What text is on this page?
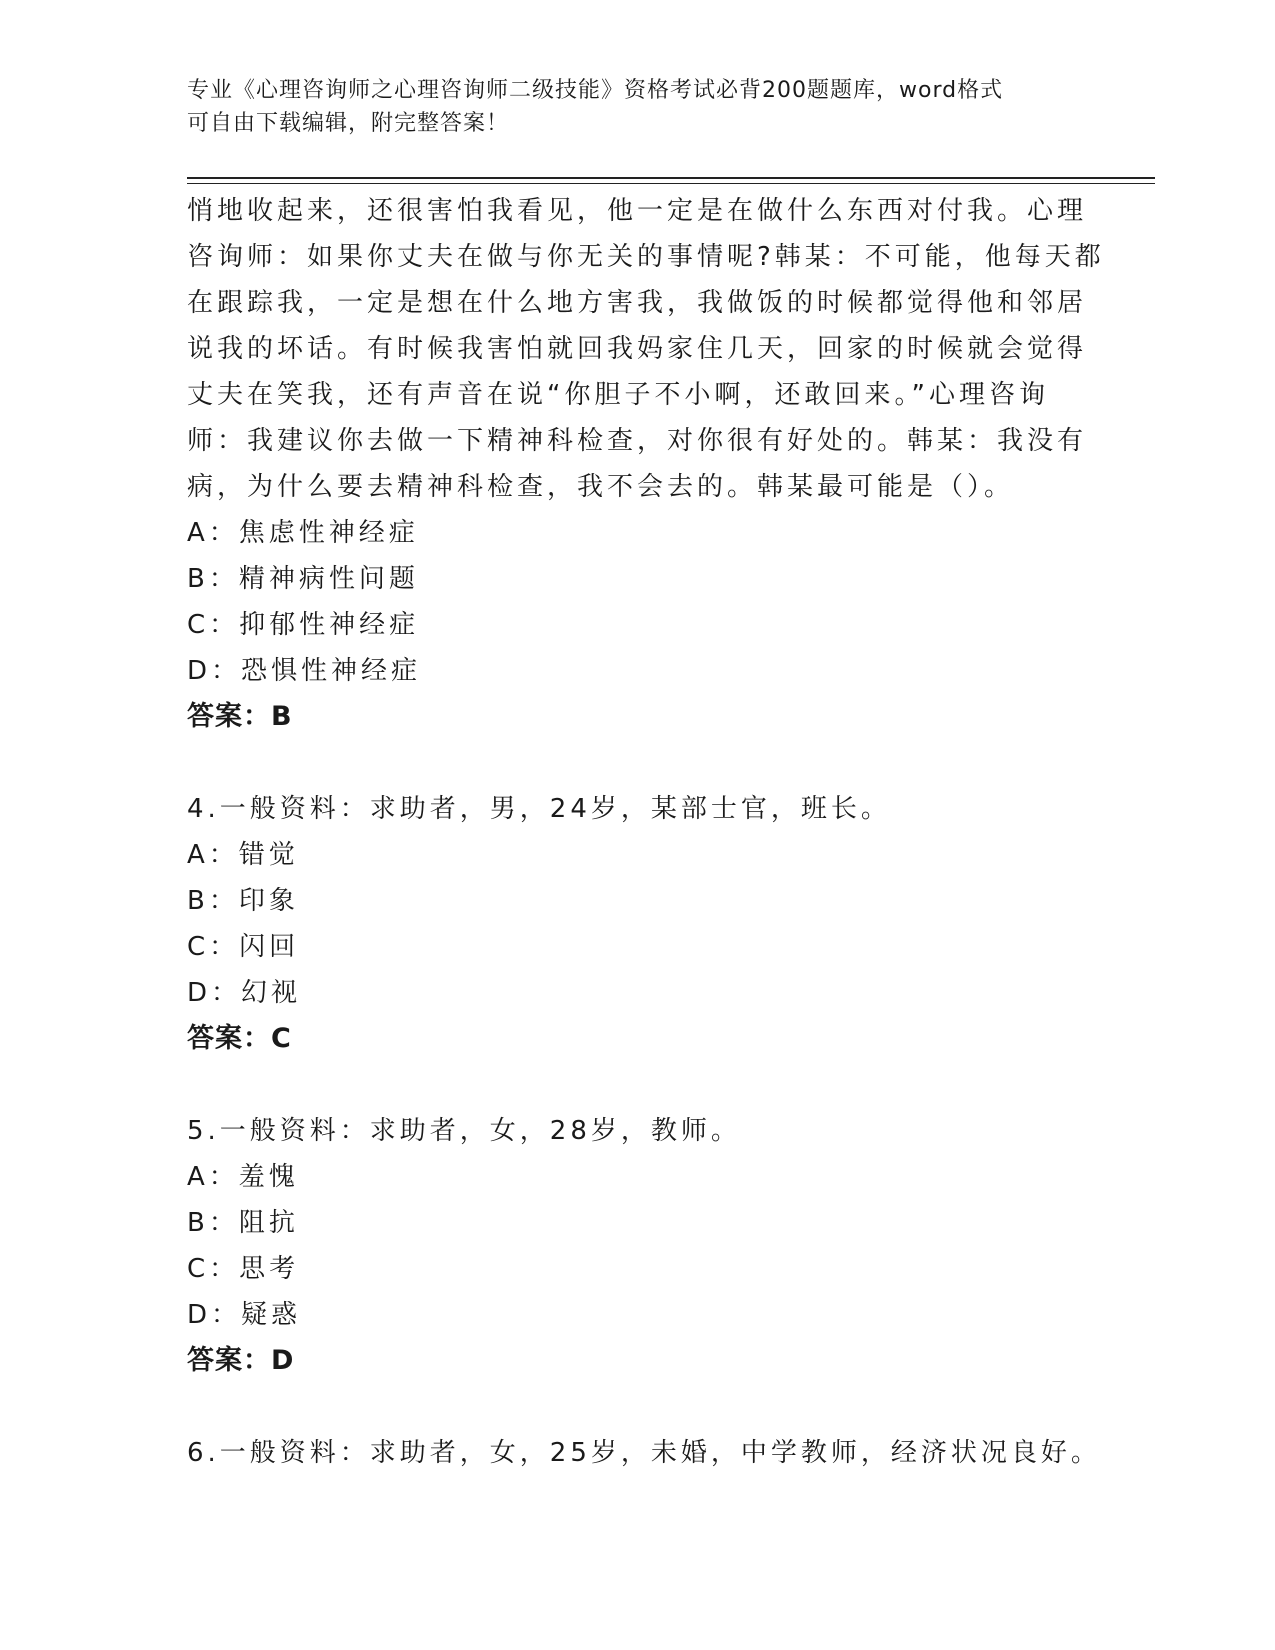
专业《心理咨询师之心理咨询师二级技能》资格考试必背200题题库，word格式
可自由下载编辑，附完整答案！
悄地收起来，还很害怕我看见，他一定是在做什么东西对付我。心理
咨询师：如果你丈夫在做与你无关的事情呢?韩某：不可能，他每天都
在跟踪我，一定是想在什么地方害我，我做饭的时候都觉得他和邻居
说我的坏话。有时候我害怕就回我妈家住几天，回家的时候就会觉得
丈夫在笑我，还有声音在说“你胆子不小啊，还敢回来。”心理咨询
师：我建议你去做一下精神科检查，对你很有好处的。韩某：我没有
病，为什么要去精神科检查，我不会去的。韩某最可能是（）。
A：焦虑性神经症
B：精神病性问题
C：抑郁性神经症
D：恐惧性神经症
答案：B
4.一般资料：求助者，男，24岁，某部士官，班长。
A：错觉
B：印象
C：闪回
D：幻视
答案：C
5.一般资料：求助者，女，28岁，教师。
A：羞愧
B：阻抗
C：思考
D：疑惑
答案：D
6.一般资料：求助者，女，25岁，未婚，中学教师，经济状况良好。
